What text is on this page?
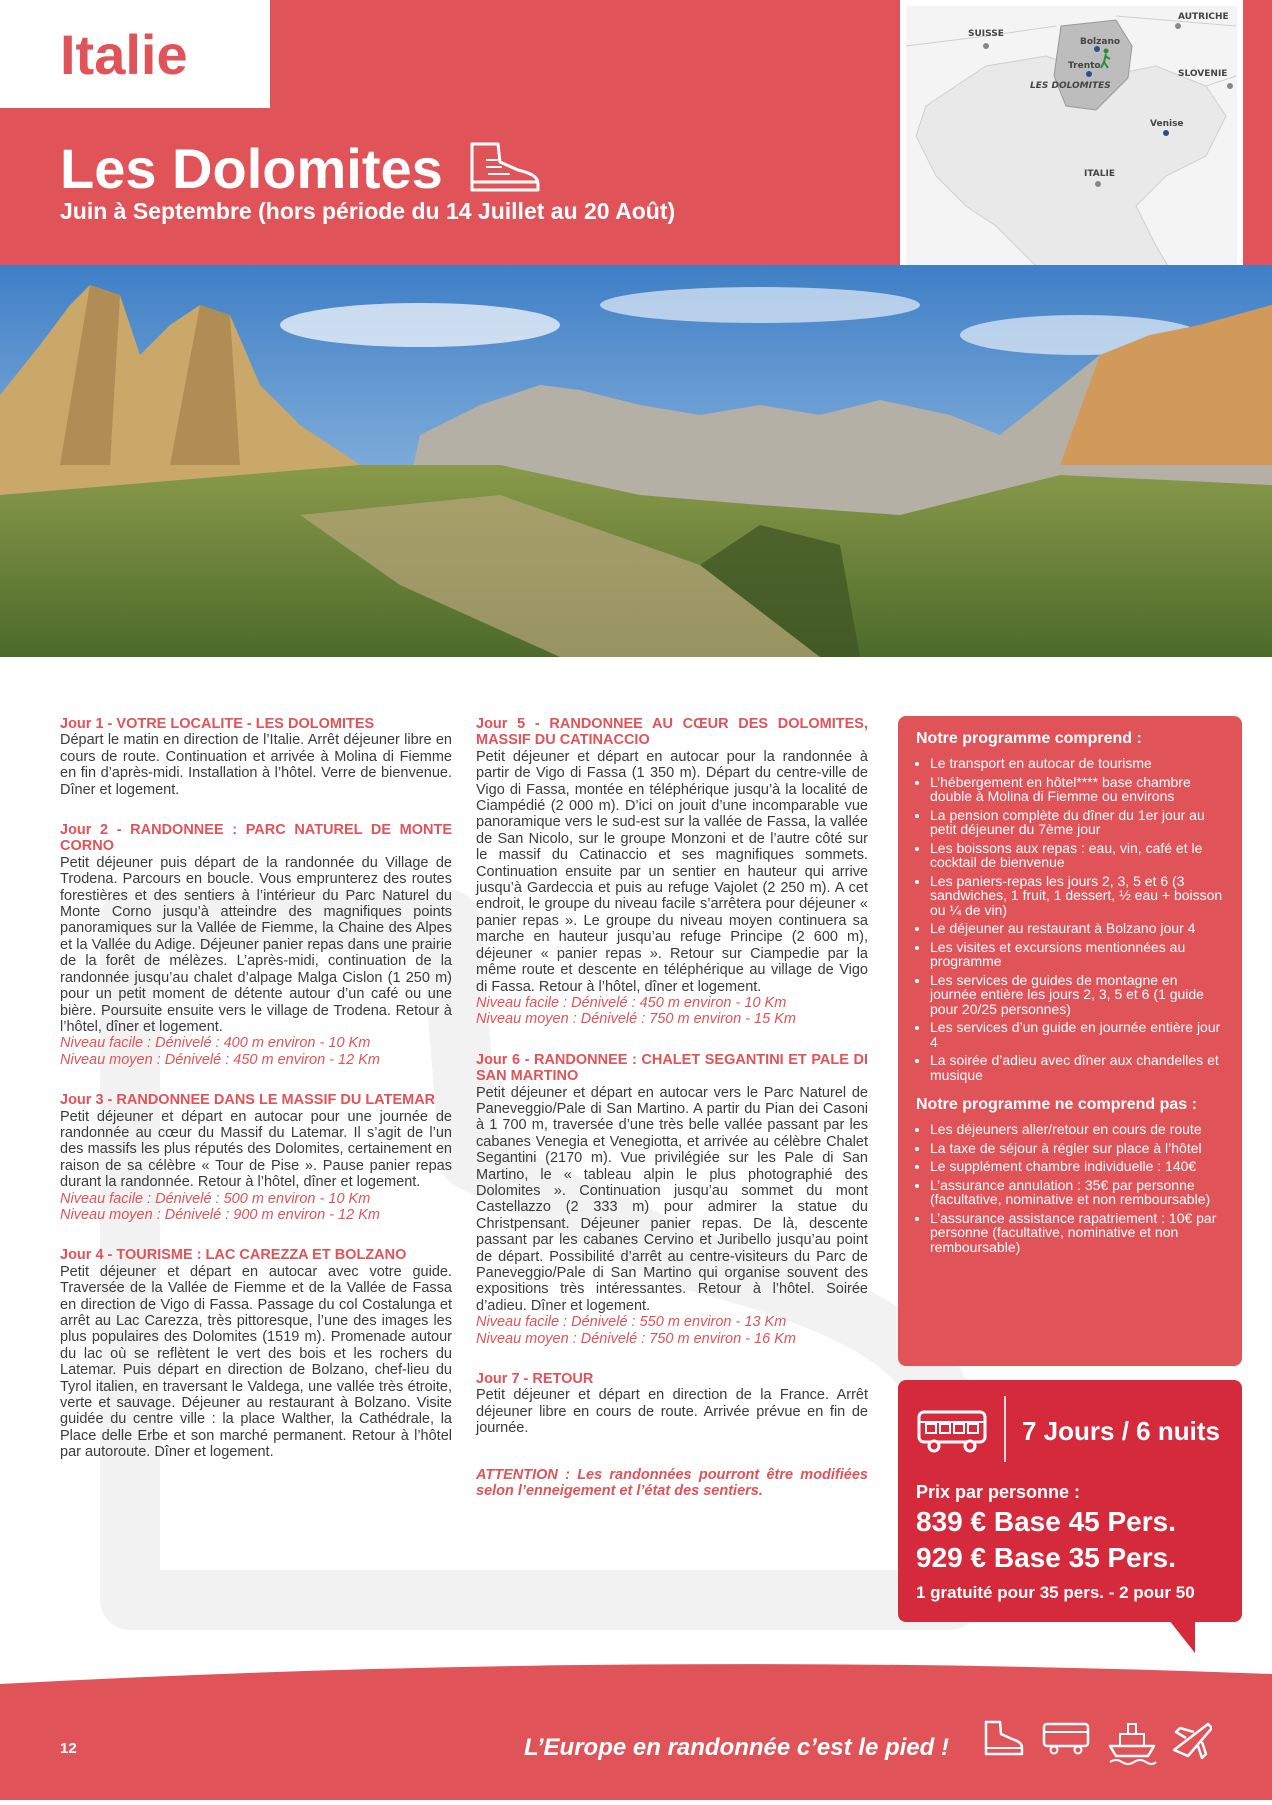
Italie
Les Dolomites
Juin à Septembre (hors période du 14 Juillet au 20 Août)
SUISSE
AUTRICHE
Bolzano
Trento
LES DOLOMITES
SLOVENIE
Venise
ITALIE
Jour 1 - VOTRE LOCALITE - LES DOLOMITES
Départ le matin en direction de l’Italie. Arrêt déjeuner libre en cours de route. Continuation et arrivée à Molina di Fiemme en fin d’après-midi. Installation à l’hôtel. Verre de bienvenue. Dîner et logement.
Jour 2 - RANDONNEE : PARC NATUREL DE MONTE CORNO
Petit déjeuner puis départ de la randonnée du Village de Trodena. Parcours en boucle. Vous emprunterez des routes forestières et des sentiers à l’intérieur du Parc Naturel du Monte Corno jusqu’à atteindre des magnifiques points panoramiques sur la Vallée de Fiemme, la Chaine des Alpes et la Vallée du Adige. Déjeuner panier repas dans une prairie de la forêt de mélèzes. L’après-midi, continuation de la randonnée jusqu’au chalet d’alpage Malga Cislon (1 250 m) pour un petit moment de détente autour d’un café ou une bière. Poursuite ensuite vers le village de Trodena. Retour à l’hôtel, dîner et logement.
Niveau facile : Dénivelé : 400 m environ - 10 Km
Niveau moyen : Dénivelé : 450 m environ - 12 Km
Jour 3 - RANDONNEE DANS LE MASSIF DU LATEMAR
Petit déjeuner et départ en autocar pour une journée de randonnée au cœur du Massif du Latemar. Il s’agit de l’un des massifs les plus réputés des Dolomites, certainement en raison de sa célèbre « Tour de Pise ». Pause panier repas durant la randonnée. Retour à l’hôtel, dîner et logement.
Niveau facile : Dénivelé : 500 m environ - 10 Km
Niveau moyen : Dénivelé : 900 m environ - 12 Km
Jour 4 - TOURISME : LAC CAREZZA ET BOLZANO
Petit déjeuner et départ en autocar avec votre guide. Traversée de la Vallée de Fiemme et de la Vallée de Fassa en direction de Vigo di Fassa. Passage du col Costalunga et arrêt au Lac Carezza, très pittoresque, l’une des images les plus populaires des Dolomites (1519 m). Promenade autour du lac où se reflètent le vert des bois et les rochers du Latemar. Puis départ en direction de Bolzano, chef-lieu du Tyrol italien, en traversant le Valdega, une vallée très étroite, verte et sauvage. Déjeuner au restaurant à Bolzano. Visite guidée du centre ville : la place Walther, la Cathédrale, la Place delle Erbe et son marché permanent. Retour à l’hôtel par autoroute. Dîner et logement.
Jour 5 - RANDONNEE AU CŒUR DES DOLOMITES, MASSIF DU CATINACCIO
Petit déjeuner et départ en autocar pour la randonnée à partir de Vigo di Fassa (1 350 m). Départ du centre-ville de Vigo di Fassa, montée en téléphérique jusqu’à la localité de Ciampédié (2 000 m). D’ici on jouit d’une incomparable vue panoramique vers le sud-est sur la vallée de Fassa, la vallée de San Nicolo, sur le groupe Monzoni et de l’autre côté sur le massif du Catinaccio et ses magnifiques sommets. Continuation ensuite par un sentier en hauteur qui arrive jusqu’à Gardeccia et puis au refuge Vajolet (2 250 m). A cet endroit, le groupe du niveau facile s’arrêtera pour déjeuner « panier repas ». Le groupe du niveau moyen continuera sa marche en hauteur jusqu’au refuge Principe (2 600 m), déjeuner « panier repas ». Retour sur Ciampedie par la même route et descente en téléphérique au village de Vigo di Fassa. Retour à l’hôtel, dîner et logement.
Niveau facile : Dénivelé : 450 m environ - 10 Km
Niveau moyen : Dénivelé : 750 m environ - 15 Km
Jour 6 - RANDONNEE : CHALET SEGANTINI ET PALE DI SAN MARTINO
Petit déjeuner et départ en autocar vers le Parc Naturel de Paneveggio/Pale di San Martino. A partir du Pian dei Casoni à 1 700 m, traversée d’une très belle vallée passant par les cabanes Venegia et Venegiotta, et arrivée au célèbre Chalet Segantini (2170 m). Vue privilégiée sur les Pale di San Martino, le « tableau alpin le plus photographié des Dolomites ». Continuation jusqu’au sommet du mont Castellazzo (2 333 m) pour admirer la statue du Christpensant. Déjeuner panier repas. De là, descente passant par les cabanes Cervino et Juribello jusqu’au point de départ. Possibilité d’arrêt au centre-visiteurs du Parc de Paneveggio/Pale di San Martino qui organise souvent des expositions très intéressantes. Retour à l’hôtel. Soirée d’adieu. Dîner et logement.
Niveau facile : Dénivelé : 550 m environ - 13 Km
Niveau moyen : Dénivelé : 750 m environ - 16 Km
Jour 7 - RETOUR
Petit déjeuner et départ en direction de la France. Arrêt déjeuner libre en cours de route. Arrivée prévue en fin de journée.
ATTENTION : Les randonnées pourront être modifiées selon l’enneigement et l’état des sentiers.
Notre programme comprend :
• Le transport en autocar de tourisme
• L’hébergement en hôtel**** base chambre double à Molina di Fiemme ou environs
• La pension complète du dîner du 1er jour au petit déjeuner du 7ème jour
• Les boissons aux repas : eau, vin, café et le cocktail de bienvenue
• Les paniers-repas les jours 2, 3, 5 et 6 (3 sandwiches, 1 fruit, 1 dessert, ½ eau + boisson ou ¼ de vin)
• Le déjeuner au restaurant à Bolzano jour 4
• Les visites et excursions mentionnées au programme
• Les services de guides de montagne en journée entière les jours 2, 3, 5 et 6 (1 guide pour 20/25 personnes)
• Les services d’un guide en journée entière jour 4
• La soirée d’adieu avec dîner aux chandelles et musique
Notre programme ne comprend pas :
• Les déjeuners aller/retour en cours de route
• La taxe de séjour à régler sur place à l’hôtel
• Le supplément chambre individuelle : 140€
• L’assurance annulation : 35€ par personne (facultative, nominative et non remboursable)
• L’assurance assistance rapatriement : 10€ par personne (facultative, nominative et non remboursable)
7 Jours / 6 nuits
Prix par personne :
839 € Base 45 Pers.
929 € Base 35 Pers.
1 gratuité pour 35 pers. - 2 pour 50
12	L’Europe en randonnée c’est le pied !
